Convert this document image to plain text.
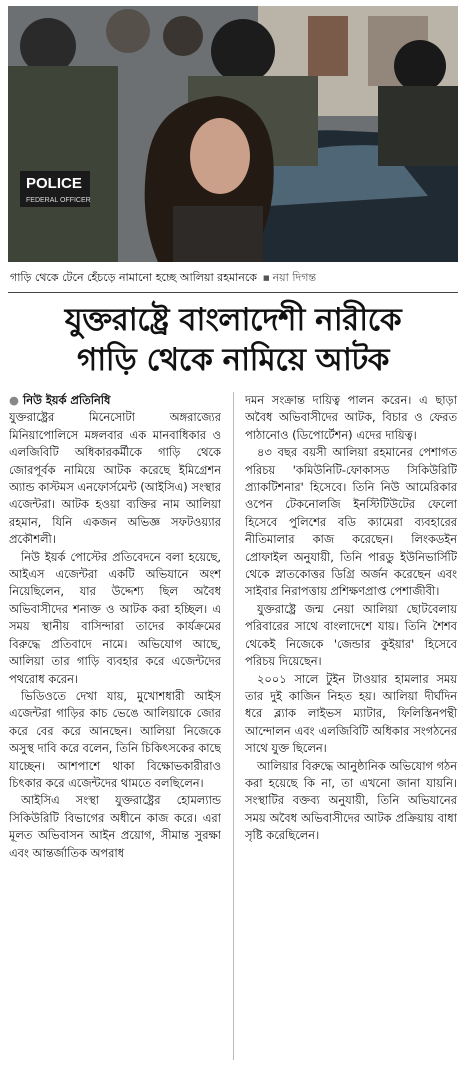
POLICE
FEDERAL OFFICER
গাড়ি থেকে টেনে হেঁচড়ে নামানো হচ্ছে আলিয়া রহমানকে■ নয়া দিগন্ত
যুক্তরাষ্ট্রে বাংলাদেশী নারীকে
গাড়ি থেকে নামিয়ে আটক

● নিউ ইয়র্ক প্রতিনিধি

যুক্তরাষ্ট্রের মিনেসোটা অঙ্গরাজ্যের মিনিয়াপোলিসে মঙ্গলবার এক মানবাধিকার ও এলজিবিটি অধিকারকর্মীকে গাড়ি থেকে জোরপূর্বক নামিয়ে আটক করেছে ইমিগ্রেশন অ্যান্ড কাস্টমস এনফোর্সমেন্ট (আইসিএ) সংস্থার এজেন্টরা। আটক হওয়া ব্যক্তির নাম আলিয়া রহমান, যিনি একজন অভিজ্ঞ সফটওয়্যার প্রকৌশলী।

নিউ ইয়র্ক পোস্টের প্রতিবেদনে বলা হয়েছে, আইএস এজেন্টরা একটি অভিযানে অংশ নিয়েছিলেন, যার উদ্দেশ্য ছিল অবৈধ অভিবাসীদের শনাক্ত ও আটক করা হচ্ছিল। এ সময় স্থানীয় বাসিন্দারা তাদের কার্যক্রমের বিরুদ্ধে প্রতিবাদে নামে। অভিযোগ আছে, আলিয়া তার গাড়ি ব্যবহার করে এজেন্টদের পথরোধ করেন।

ভিডিওতে দেখা যায়, মুখোশধারী আইস এজেন্টরা গাড়ির কাচ ভেঙে আলিয়াকে জোর করে বের করে আনছেন। আলিয়া নিজেকে অসুস্থ দাবি করে বলেন, তিনি চিকিৎসকের কাছে যাচ্ছেন। আশপাশে থাকা বিক্ষোভকারীরাও চিৎকার করে এজেন্টদের থামতে বলছিলেন।

আইসিএ সংস্থা যুক্তরাষ্ট্রের হোমল্যান্ড সিকিউরিটি বিভাগের অধীনে কাজ করে। এরা মূলত অভিবাসন আইন প্রয়োগ, সীমান্ত সুরক্ষা এবং আন্তর্জাতিক অপরাধ

দমন সংক্রান্ত দায়িত্ব পালন করেন। এ ছাড়া অবৈধ অভিবাসীদের আটক, বিচার ও ফেরত পাঠানোও (ডিপোর্টেশন) এদের দায়িত্ব।

৪৩ বছর বয়সী আলিয়া রহমানের পেশাগত পরিচয় 'কমিউনিটি-ফোকাসড সিকিউরিটি প্র্যাকটিশনার' হিসেবে। তিনি নিউ আমেরিকার ওপেন টেকনোলজি ইনস্টিটিউটের ফেলো হিসেবে পুলিশের বডি ক্যামেরা ব্যবহারের নীতিমালার কাজ করেছেন। লিংকডইন প্রোফাইল অনুযায়ী, তিনি পারডু ইউনিভার্সিটি থেকে স্নাতকোত্তর ডিগ্রি অর্জন করেছেন এবং সাইবার নিরাপত্তায় প্রশিক্ষণপ্রাপ্ত পেশাজীবী।

যুক্তরাষ্ট্রে জন্ম নেয়া আলিয়া ছোটবেলায় পরিবারের সাথে বাংলাদেশে যায়। তিনি শৈশব থেকেই নিজেকে 'জেন্ডার কুইয়ার' হিসেবে পরিচয় দিয়েছেন।

২০০১ সালে টুইন টাওয়ার হামলার সময় তার দুই কাজিন নিহত হয়। আলিয়া দীর্ঘদিন ধরে ব্ল্যাক লাইভস ম্যাটার, ফিলিস্তিনপন্থী আন্দোলন এবং এলজিবিটি অধিকার সংগঠনের সাথে যুক্ত ছিলেন।

আলিয়ার বিরুদ্ধে আনুষ্ঠানিক অভিযোগ গঠন করা হয়েছে কি না, তা এখনো জানা যায়নি। সংস্থাটির বক্তব্য অনুযায়ী, তিনি অভিযানের সময় অবৈধ অভিবাসীদের আটক প্রক্রিয়ায় বাধা সৃষ্টি করেছিলেন।
